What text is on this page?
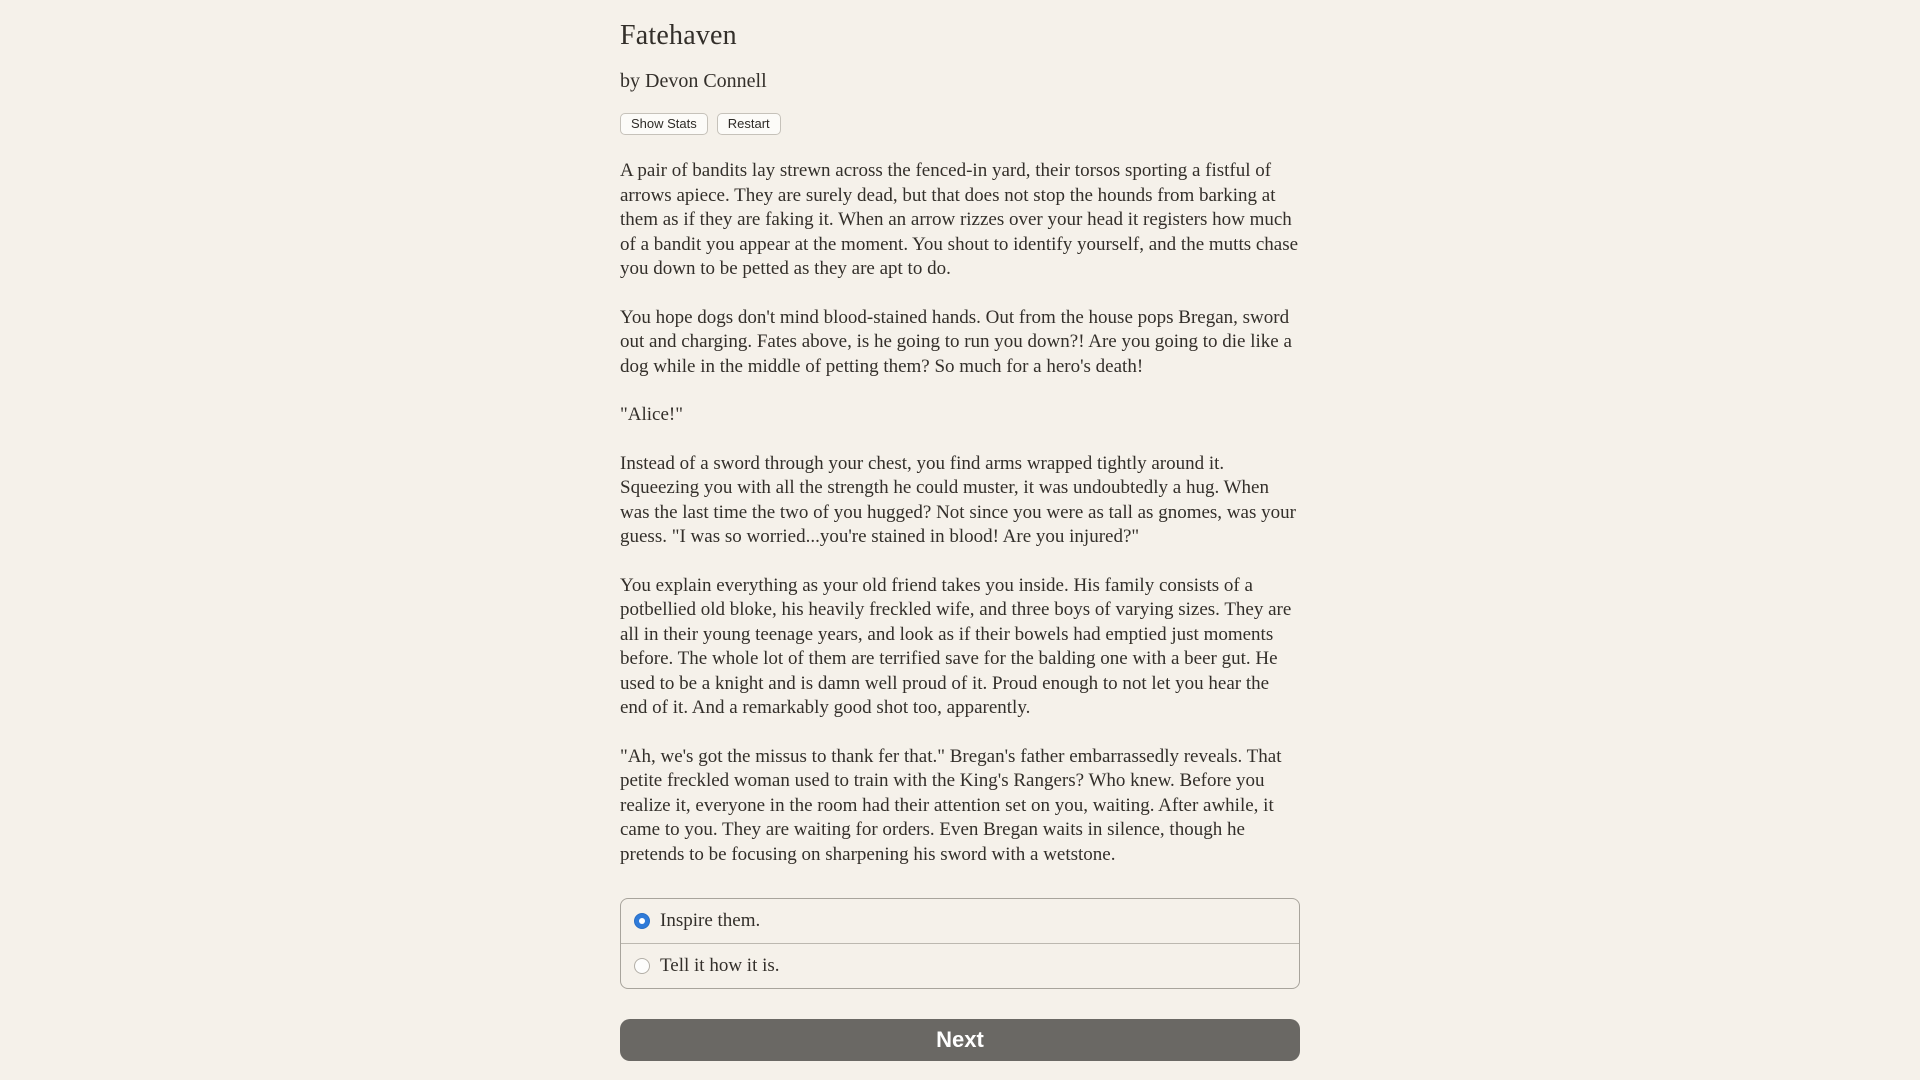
Fatehaven
by Devon Connell
Show Stats	Restart

A pair of bandits lay strewn across the fenced-in yard, their torsos sporting a fistful of arrows apiece. They are surely dead, but that does not stop the hounds from barking at them as if they are faking it. When an arrow rizzes over your head it registers how much of a bandit you appear at the moment. You shout to identify yourself, and the mutts chase you down to be petted as they are apt to do.

You hope dogs don't mind blood-stained hands. Out from the house pops Bregan, sword out and charging. Fates above, is he going to run you down?! Are you going to die like a dog while in the middle of petting them? So much for a hero's death!

"Alice!"

Instead of a sword through your chest, you find arms wrapped tightly around it. Squeezing you with all the strength he could muster, it was undoubtedly a hug. When was the last time the two of you hugged? Not since you were as tall as gnomes, was your guess. "I was so worried...you're stained in blood! Are you injured?"

You explain everything as your old friend takes you inside. His family consists of a potbellied old bloke, his heavily freckled wife, and three boys of varying sizes. They are all in their young teenage years, and look as if their bowels had emptied just moments before. The whole lot of them are terrified save for the balding one with a beer gut. He used to be a knight and is damn well proud of it. Proud enough to not let you hear the end of it. And a remarkably good shot too, apparently.

"Ah, we's got the missus to thank fer that." Bregan's father embarrassedly reveals. That petite freckled woman used to train with the King's Rangers? Who knew. Before you realize it, everyone in the room had their attention set on you, waiting. After awhile, it came to you. They are waiting for orders. Even Bregan waits in silence, though he pretends to be focusing on sharpening his sword with a wetstone.

Inspire them.
Tell it how it is.
Next
